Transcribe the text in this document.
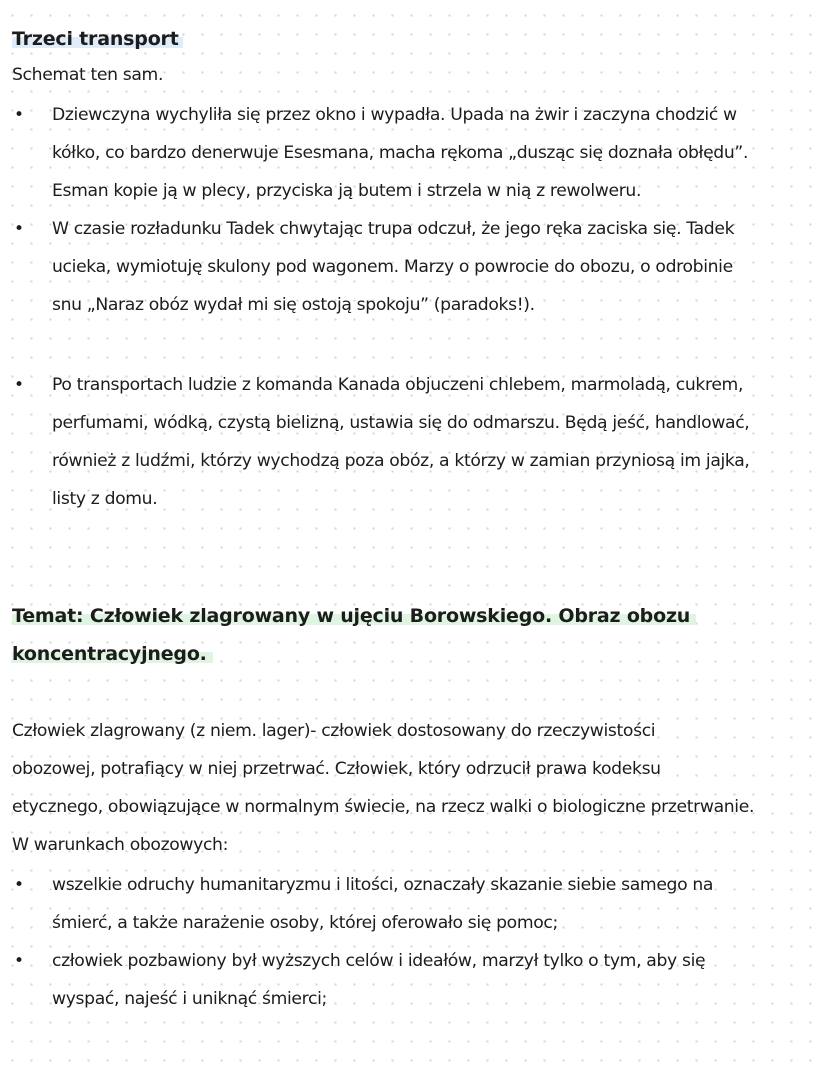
Trzeci transport
Schemat ten sam.
• Dziewczyna wychyliła się przez okno i wypadła. Upada na żwir i zaczyna chodzić w
kółko, co bardzo denerwuje Esesmana, macha rękoma „dusząc się doznała obłędu”.
Esman kopie ją w plecy, przyciska ją butem i strzela w nią z rewolweru.
• W czasie rozładunku Tadek chwytając trupa odczuł, że jego ręka zaciska się. Tadek
ucieka, wymiotuję skulony pod wagonem. Marzy o powrocie do obozu, o odrobinie
snu „Naraz obóz wydał mi się ostoją spokoju” (paradoks!).
• Po transportach ludzie z komanda Kanada objuczeni chlebem, marmoladą, cukrem,
perfumami, wódką, czystą bielizną, ustawia się do odmarszu. Będą jeść, handlować,
również z ludźmi, którzy wychodzą poza obóz, a którzy w zamian przyniosą im jajka,
listy z domu.
Temat: Człowiek zlagrowany w ujęciu Borowskiego. Obraz obozu
koncentracyjnego.
Człowiek zlagrowany (z niem. lager)- człowiek dostosowany do rzeczywistości
obozowej, potrafiący w niej przetrwać. Człowiek, który odrzucił prawa kodeksu
etycznego, obowiązujące w normalnym świecie, na rzecz walki o biologiczne przetrwanie.
W warunkach obozowych:
• wszelkie odruchy humanitaryzmu i litości, oznaczały skazanie siebie samego na
śmierć, a także narażenie osoby, której oferowało się pomoc;
• człowiek pozbawiony był wyższych celów i ideałów, marzył tylko o tym, aby się
wyspać, najeść i uniknąć śmierci;
